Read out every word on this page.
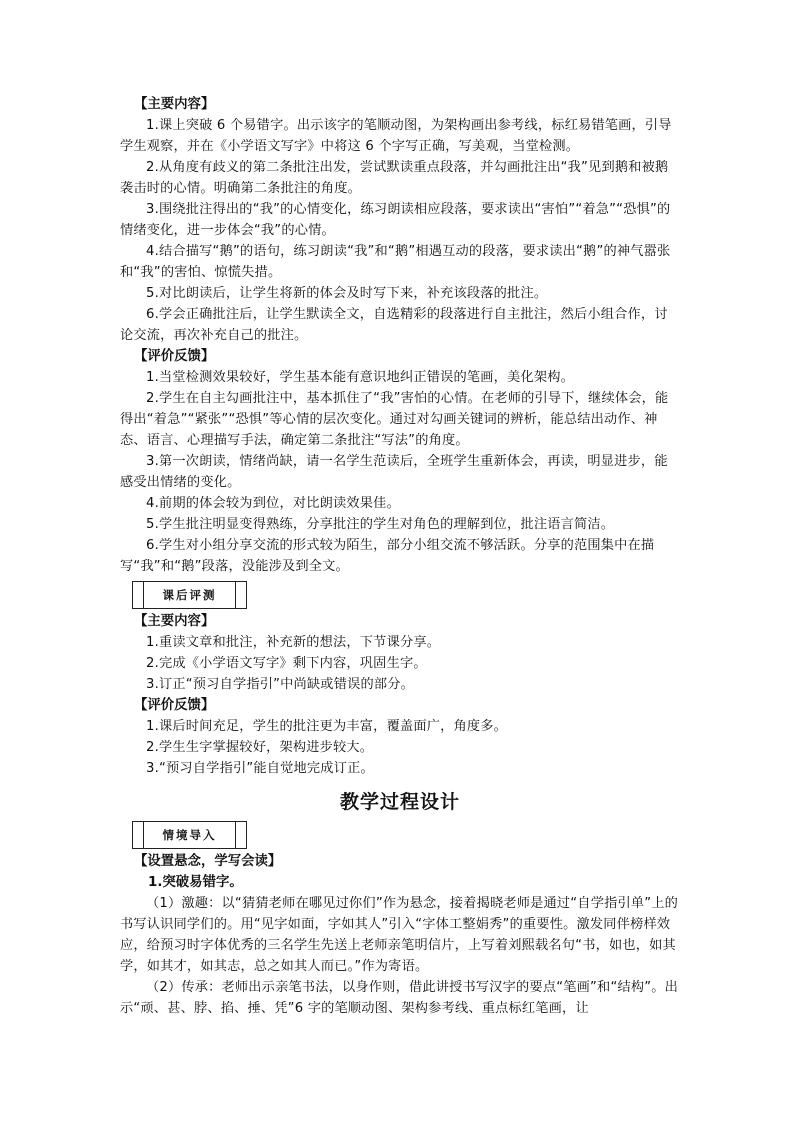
【主要内容】

1.课上突破 6 个易错字。出示该字的笔顺动图，为架构画出参考线，标红易错笔画，引导学生观察，并在《小学语文写字》中将这 6 个字写正确，写美观，当堂检测。

2.从角度有歧义的第二条批注出发，尝试默读重点段落，并勾画批注出“我”见到鹅和被鹅袭击时的心情。明确第二条批注的角度。

3.围绕批注得出的“我”的心情变化，练习朗读相应段落，要求读出“害怕”“着急”“恐惧”的情绪变化，进一步体会“我”的心情。

4.结合描写“鹅”的语句，练习朗读“我”和“鹅”相遇互动的段落，要求读出“鹅”的神气嚣张和“我”的害怕、惊慌失措。

5.对比朗读后，让学生将新的体会及时写下来，补充该段落的批注。

6.学会正确批注后，让学生默读全文，自选精彩的段落进行自主批注，然后小组合作，讨论交流，再次补充自己的批注。

【评价反馈】

1.当堂检测效果较好，学生基本能有意识地纠正错误的笔画，美化架构。

2.学生在自主勾画批注中，基本抓住了“我”害怕的心情。在老师的引导下，继续体会，能得出“着急”“紧张”“恐惧”等心情的层次变化。通过对勾画关键词的辨析，能总结出动作、神态、语言、心理描写手法，确定第二条批注“写法”的角度。

3.第一次朗读，情绪尚缺，请一名学生范读后，全班学生重新体会，再读，明显进步，能感受出情绪的变化。

4.前期的体会较为到位，对比朗读效果佳。

5.学生批注明显变得熟练，分享批注的学生对角色的理解到位，批注语言简洁。

6.学生对小组分享交流的形式较为陌生，部分小组交流不够活跃。分享的范围集中在描写“我”和“鹅”段落，没能涉及到全文。

课后评测

【主要内容】

1.重读文章和批注，补充新的想法，下节课分享。

2.完成《小学语文写字》剩下内容，巩固生字。

3.订正“预习自学指引”中尚缺或错误的部分。

【评价反馈】

1.课后时间充足，学生的批注更为丰富，覆盖面广，角度多。

2.学生生字掌握较好，架构进步较大。

3.“预习自学指引”能自觉地完成订正。

教学过程设计
情境导入

【设置悬念，学写会读】

1.突破易错字。

（1）激趣：以“猜猜老师在哪见过你们”作为悬念，接着揭晓老师是通过“自学指引单”上的书写认识同学们的。用“见字如面，字如其人”引入“字体工整娟秀”的重要性。激发同伴榜样效应，给预习时字体优秀的三名学生先送上老师亲笔明信片，上写着刘熙载名句“书，如也，如其学，如其才，如其志，总之如其人而已。”作为寄语。

（2）传承：老师出示亲笔书法，以身作则，借此讲授书写汉字的要点“笔画”和“结构”。出示“顽、甚、脖、掐、捶、凭”6 字的笔顺动图、架构参考线、重点标红笔画，让
